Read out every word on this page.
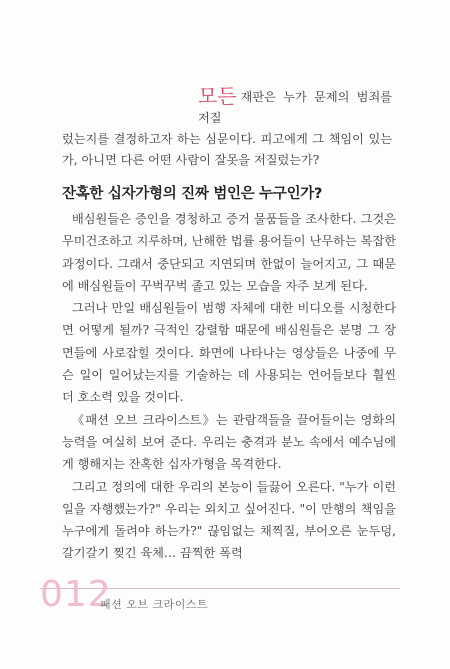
모든 재판은 누가 문제의 범죄를 저질
렀는지를 결정하고자 하는 심문이다. 피고에게 그 책임이 있는가, 아니면 다른 어떤 사람이 잘못을 저질렀는가?
잔혹한 십자가형의 진짜 범인은 누구인가?

배심원들은 증인을 경청하고 증거 물품들을 조사한다. 그것은 무미건조하고 지루하며, 난해한 법률 용어들이 난무하는 복잡한 과정이다. 그래서 중단되고 지연되며 한없이 늘어지고, 그 때문에 배심원들이 꾸벅꾸벅 졸고 있는 모습을 자주 보게 된다.

그러나 만일 배심원들이 범행 자체에 대한 비디오를 시청한다면 어떻게 될까? 극적인 강렬함 때문에 배심원들은 분명 그 장면들에 사로잡힐 것이다. 화면에 나타나는 영상들은 나중에 무슨 일이 일어났는지를 기술하는 데 사용되는 언어들보다 훨씬 더 호소력 있을 것이다.

《패션 오브 크라이스트》는 관람객들을 끌어들이는 영화의 능력을 여실히 보여 준다. 우리는 충격과 분노 속에서 예수님에게 행해지는 잔혹한 십자가형을 목격한다.

그리고 정의에 대한 우리의 본능이 들끓어 오른다. "누가 이런 일을 자행했는가?" 우리는 외치고 싶어진다. "이 만행의 책임을 누구에게 돌려야 하는가?" 끊임없는 채찍질, 부어오른 눈두덩, 갈기갈기 찢긴 육체… 끔찍한 폭력

012
패션 오브 크라이스트
